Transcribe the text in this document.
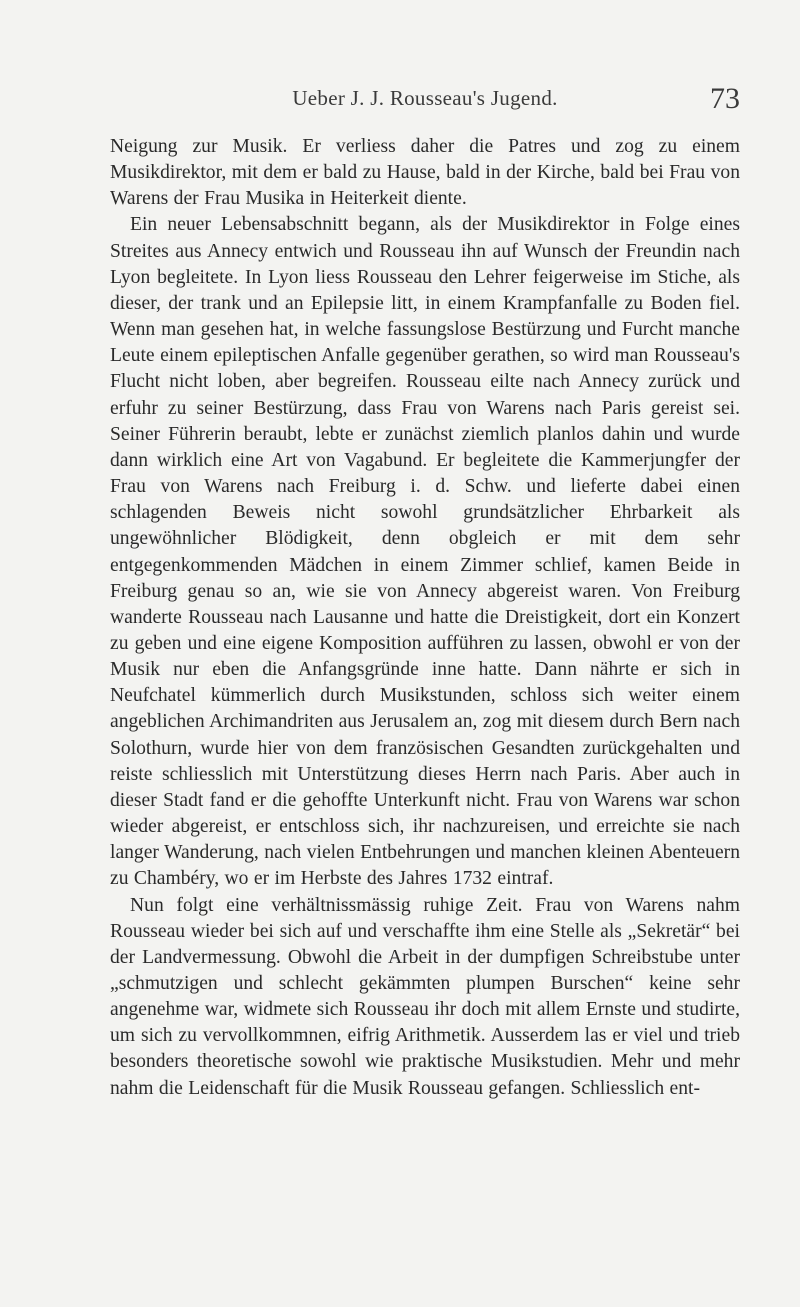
Ueber J. J. Rousseau's Jugend.	73

Neigung zur Musik. Er verliess daher die Patres und zog zu einem Musikdirektor, mit dem er bald zu Hause, bald in der Kirche, bald bei Frau von Warens der Frau Musika in Heiterkeit diente.

Ein neuer Lebensabschnitt begann, als der Musikdirektor in Folge eines Streites aus Annecy entwich und Rousseau ihn auf Wunsch der Freundin nach Lyon begleitete. In Lyon liess Rousseau den Lehrer feigerweise im Stiche, als dieser, der trank und an Epilepsie litt, in einem Krampfanfalle zu Boden fiel. Wenn man gesehen hat, in welche fassungslose Bestürzung und Furcht manche Leute einem epileptischen Anfalle gegenüber gerathen, so wird man Rousseau's Flucht nicht loben, aber begreifen. Rousseau eilte nach Annecy zurück und erfuhr zu seiner Bestürzung, dass Frau von Warens nach Paris gereist sei. Seiner Führerin beraubt, lebte er zunächst ziemlich planlos dahin und wurde dann wirklich eine Art von Vagabund. Er begleitete die Kammerjungfer der Frau von Warens nach Freiburg i. d. Schw. und lieferte dabei einen schlagenden Beweis nicht sowohl grundsätzlicher Ehrbarkeit als ungewöhnlicher Blödigkeit, denn obgleich er mit dem sehr entgegenkommenden Mädchen in einem Zimmer schlief, kamen Beide in Freiburg genau so an, wie sie von Annecy abgereist waren. Von Freiburg wanderte Rousseau nach Lausanne und hatte die Dreistigkeit, dort ein Konzert zu geben und eine eigene Komposition aufführen zu lassen, obwohl er von der Musik nur eben die Anfangsgründe inne hatte. Dann nährte er sich in Neufchatel kümmerlich durch Musikstunden, schloss sich weiter einem angeblichen Archimandriten aus Jerusalem an, zog mit diesem durch Bern nach Solothurn, wurde hier von dem französischen Gesandten zurückgehalten und reiste schliesslich mit Unterstützung dieses Herrn nach Paris. Aber auch in dieser Stadt fand er die gehoffte Unterkunft nicht. Frau von Warens war schon wieder abgereist, er entschloss sich, ihr nachzureisen, und erreichte sie nach langer Wanderung, nach vielen Entbehrungen und manchen kleinen Abenteuern zu Chambéry, wo er im Herbste des Jahres 1732 eintraf.

Nun folgt eine verhältnissmässig ruhige Zeit. Frau von Warens nahm Rousseau wieder bei sich auf und verschaffte ihm eine Stelle als „Sekretär“ bei der Landvermessung. Obwohl die Arbeit in der dumpfigen Schreibstube unter „schmutzigen und schlecht gekämmten plumpen Burschen“ keine sehr angenehme war, widmete sich Rousseau ihr doch mit allem Ernste und studirte, um sich zu vervollkommnen, eifrig Arithmetik. Ausserdem las er viel und trieb besonders theoretische sowohl wie praktische Musikstudien. Mehr und mehr nahm die Leidenschaft für die Musik Rousseau gefangen. Schliesslich ent-
